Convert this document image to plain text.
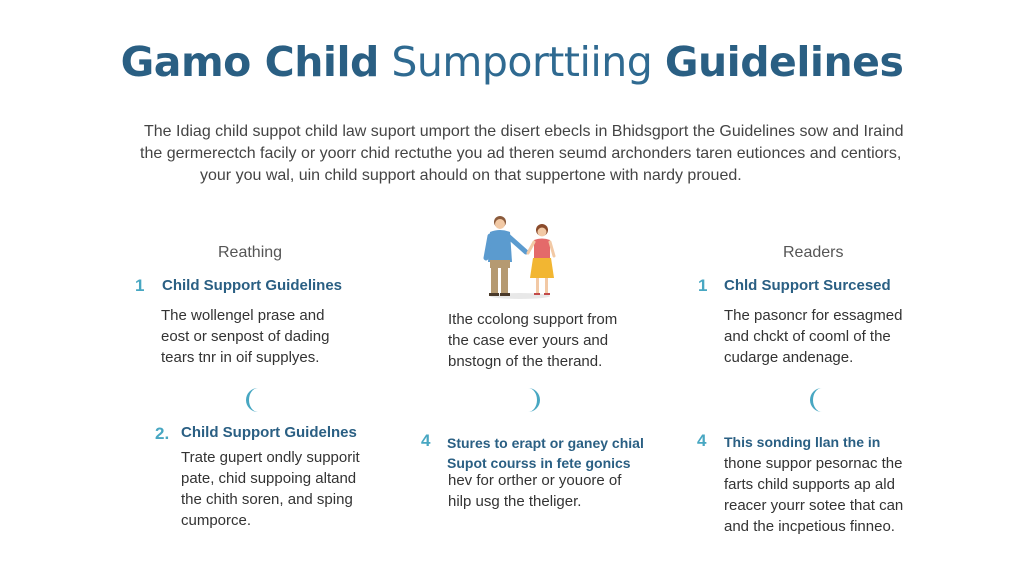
Gamo Child Sumporttiing Guidelines
The Idiag child suppot child law suport umport the disert ebecls in Bhidsgport the Guidelines sow and Iraind
the germerectch facily or yoorr chid rectuthe you ad theren seumd archonders taren eutionces and centiors,
your you wal, uin child support ahould on that suppertone with nardy proued.
Reathing
1 Child Support Guidelines
The wollengel prase and
eost or senpost of dading
tears tnr in oif supplyes.
2. Child Support Guidelnes
Trate gupert ondly supporit
pate, chid suppoing altand
the chith soren, and sping
cumporce.
Ithe ccolong support from
the case ever yours and
bnstogn of the therand.
4 Stures to erapt or ganey chial
Supot courss in fete gonics
hev for orther or youore of
hilp usg the theliger.
Readers
1 Chld Support Surcesed
The pasoncr for essagmed
and chckt of cooml of the
cudarge andenage.
4 This sonding llan the in
thone suppor pesornac the
farts child supports ap ald
reacer yourr sotee that can
and the incpetious finneo.
